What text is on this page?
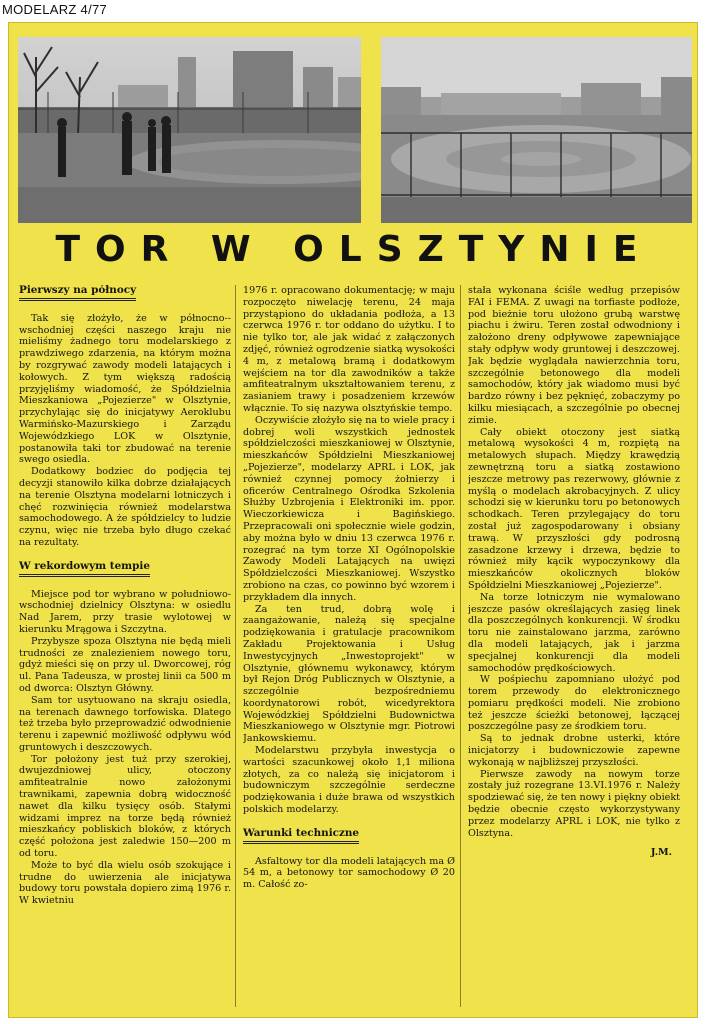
MODELARZ 4/77
TOR W OLSZTYNIE
Pierwszy na północy

Tak się złożyło, że w północno--wschodniej części naszego kraju nie mieliśmy żadnego toru modelarskiego z prawdziwego zdarzenia, na którym można by rozgrywać zawody modeli latających i kołowych. Z tym większą radością przyjęliśmy wiadomość, że Spółdzielnia Mieszkaniowa „Pojezierze" w Olsztynie, przychylając się do inicjatywy Aeroklubu Warmińsko-Mazurskiego i Zarządu Wojewódzkiego LOK w Olsztynie, postanowiła taki tor zbudować na terenie swego osiedla.

Dodatkowy bodziec do podjęcia tej decyzji stanowiło kilka dobrze działających na terenie Olsztyna modelarni lotniczych i chęć rozwinięcia również modelarstwa samochodowego. A że spółdzielcy to ludzie czynu, więc nie trzeba było długo czekać na rezultaty.

W rekordowym tempie

Miejsce pod tor wybrano w południowo-wschodniej dzielnicy Olsztyna: w osiedlu Nad Jarem, przy trasie wylotowej w kierunku Mrągowa i Szczytna.

Przybysze spoza Olsztyna nie będą mieli trudności ze znalezieniem nowego toru, gdyż mieści się on przy ul. Dworcowej, róg ul. Pana Tadeusza, w prostej linii ca 500 m od dworca: Olsztyn Główny.

Sam tor usytuowano na skraju osiedla, na terenach dawnego torfowiska. Dlatego też trzeba było przeprowadzić odwodnienie terenu i zapewnić możliwość odpływu wód gruntowych i deszczowych.

Tor położony jest tuż przy szerokiej, dwujezdniowej ulicy, otoczony amfiteatralnie nowo założonymi trawnikami, zapewnia dobrą widoczność nawet dla kilku tysięcy osób. Stałymi widzami imprez na torze będą również mieszkańcy pobliskich bloków, z których część położona jest zaledwie 150—200 m od toru.

Może to być dla wielu osób szokujące i trudne do uwierzenia ale inicjatywa budowy toru powstała dopiero zimą 1976 r. W kwietniu

1976 r. opracowano dokumentację; w maju rozpoczęto niwelację terenu, 24 maja przystąpiono do układania podłoża, a 13 czerwca 1976 r. tor oddano do użytku. I to nie tylko tor, ale jak widać z załączonych zdjęć, również ogrodzenie siatką wysokości 4 m, z metalową bramą i dodatkowym wejściem na tor dla zawodników a także amfiteatralnym ukształtowaniem terenu, z zasianiem trawy i posadzeniem krzewów włącznie. To się nazywa olsztyńskie tempo.

Oczywiście złożyło się na to wiele pracy i dobrej woli wszystkich jednostek spółdzielczości mieszkaniowej w Olsztynie, mieszkańców Spółdzielni Mieszkaniowej „Pojezierze", modelarzy APRL i LOK, jak również czynnej pomocy żołnierzy i oficerów Centralnego Ośrodka Szkolenia Służby Uzbrojenia i Elektroniki im. ppor. Wieczorkiewicza i Bagińskiego. Przepracowali oni społecznie wiele godzin, aby można było w dniu 13 czerwca 1976 r. rozegrać na tym torze XI Ogólnopolskie Zawody Modeli Latających na uwięzi Spółdzielczości Mieszkaniowej. Wszystko zrobiono na czas, co powinno być wzorem i przykładem dla innych.

Za ten trud, dobrą wolę i zaangażowanie, należą się specjalne podziękowania i gratulacje pracownikom Zakładu Projektowania i Usług Inwestycyjnych „Inwestoprojekt" w Olsztynie, głównemu wykonawcy, którym był Rejon Dróg Publicznych w Olsztynie, a szczególnie bezpośredniemu koordynatorowi robót, wicedyrektora Wojewódzkiej Spółdzielni Budownictwa Mieszkaniowego w Olsztynie mgr. Piotrowi Jankowskiemu.

Modelarstwu przybyła inwestycja o wartości szacunkowej około 1,1 miliona złotych, za co należą się inicjatorom i budowniczym szczególnie serdeczne podziękowania i duże brawa od wszystkich polskich modelarzy.

Warunki techniczne

Asfaltowy tor dla modeli latających ma Ø 54 m, a betonowy tor samochodowy Ø 20 m. Całość zo-

stała wykonana ściśle według przepisów FAI i FEMA. Z uwagi na torfiaste podłoże, pod bieżnie toru ułożono grubą warstwę piachu i żwiru. Teren został odwodniony i założono dreny odpływowe zapewniające stały odpływ wody gruntowej i deszczowej. Jak będzie wyglądała nawierzchnia toru, szczególnie betonowego dla modeli samochodów, który jak wiadomo musi być bardzo równy i bez pęknięć, zobaczymy po kilku miesiącach, a szczególnie po obecnej zimie.

Cały obiekt otoczony jest siatką metalową wysokości 4 m, rozpiętą na metalowych słupach. Między krawędzią zewnętrzną toru a siatką zostawiono jeszcze metrowy pas rezerwowy, głównie z myślą o modelach akrobacyjnych. Z ulicy schodzi się w kierunku toru po betonowych schodkach. Teren przylegający do toru został już zagospodarowany i obsiany trawą. W przyszłości gdy podrosną zasadzone krzewy i drzewa, będzie to również miły kącik wypoczynkowy dla mieszkańców okolicznych bloków Spółdzielni Mieszkaniowej „Pojezierze".

Na torze lotniczym nie wymalowano jeszcze pasów określających zasięg linek dla poszczególnych konkurencji. W środku toru nie zainstalowano jarzma, zarówno dla modeli latających, jak i jarzma specjalnej konkurencji dla modeli samochodów prędkościowych.

W pośpiechu zapomniano ułożyć pod torem przewody do elektronicznego pomiaru prędkości modeli. Nie zrobiono też jeszcze ścieżki betonowej, łączącej poszczególne pasy ze środkiem toru.

Są to jednak drobne usterki, które inicjatorzy i budowniczowie zapewne wykonają w najbliższej przyszłości.

Pierwsze zawody na nowym torze zostały już rozegrane 13.VI.1976 r. Należy spodziewać się, że ten nowy i piękny obiekt będzie obecnie często wykorzystywany przez modelarzy APRL i LOK, nie tylko z Olsztyna.

J.M.
